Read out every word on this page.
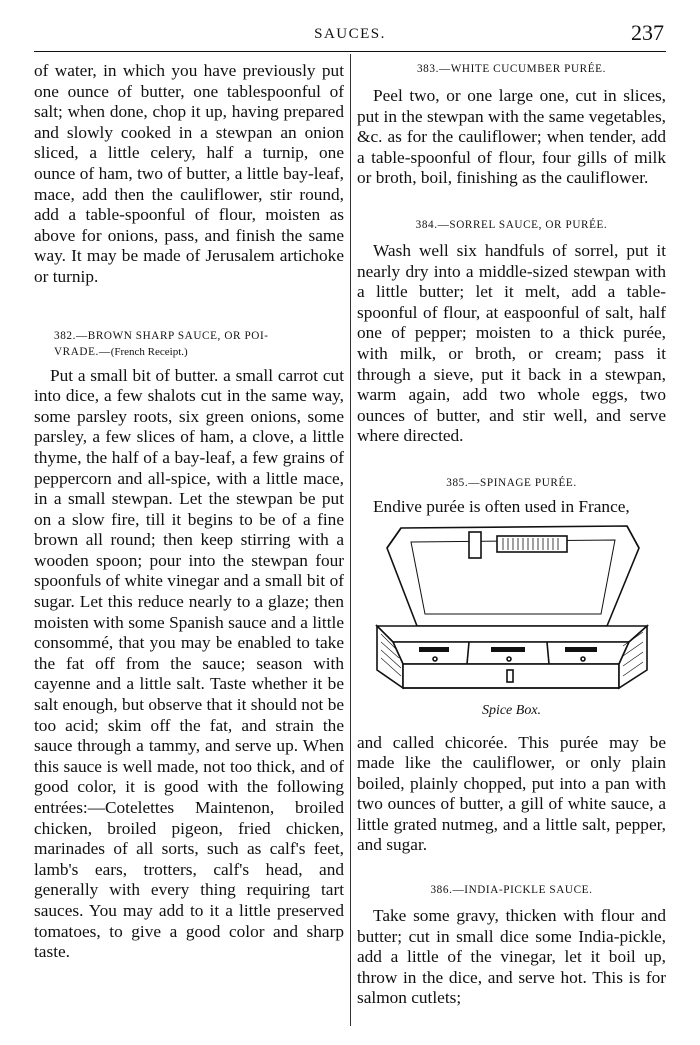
SAUCES.	237

of water, in which you have previously put one ounce of butter, one tablespoonful of salt; when done, chop it up, having prepared and slowly cooked in a stewpan an onion sliced, a little celery, half a turnip, one ounce of ham, two of butter, a little bay-leaf, mace, add then the cauliflower, stir round, add a table-spoonful of flour, moisten as above for onions, pass, and finish the same way. It may be made of Jerusalem artichoke or turnip.

382.—BROWN SHARP SAUCE, OR POI-
VRADE.—(French Receipt.)

Put a small bit of butter. a small carrot cut into dice, a few shalots cut in the same way, some parsley roots, six green onions, some parsley, a few slices of ham, a clove, a little thyme, the half of a bay-leaf, a few grains of peppercorn and all-spice, with a little mace, in a small stewpan. Let the stewpan be put on a slow fire, till it begins to be of a fine brown all round; then keep stirring with a wooden spoon; pour into the stewpan four spoonfuls of white vinegar and a small bit of sugar. Let this reduce nearly to a glaze; then moisten with some Spanish sauce and a little consommé, that you may be enabled to take the fat off from the sauce; season with cayenne and a little salt. Taste whether it be salt enough, but observe that it should not be too acid; skim off the fat, and strain the sauce through a tammy, and serve up. When this sauce is well made, not too thick, and of good color, it is good with the following entrées:—Cotelettes Maintenon, broiled chicken, broiled pigeon, fried chicken, marinades of all sorts, such as calf's feet, lamb's ears, trotters, calf's head, and generally with every thing requiring tart sauces. You may add to it a little preserved tomatoes, to give a good color and sharp taste.

383.—WHITE CUCUMBER PURÉE.

Peel two, or one large one, cut in slices, put in the stewpan with the same vegetables, &c. as for the cauliflower; when tender, add a table-spoonful of flour, four gills of milk or broth, boil, finishing as the cauliflower.

384.—SORREL SAUCE, OR PURÉE.

Wash well six handfuls of sorrel, put it nearly dry into a middle-sized stewpan with a little butter; let it melt, add a table-spoonful of flour, at easpoonful of salt, half one of pepper; moisten to a thick purée, with milk, or broth, or cream; pass it through a sieve, put it back in a stewpan, warm again, add two whole eggs, two ounces of butter, and stir well, and serve where directed.

385.—SPINAGE PURÉE.

Endive purée is often used in France,

Spice Box.

and called chicorée. This purée may be made like the cauliflower, or only plain boiled, plainly chopped, put into a pan with two ounces of butter, a gill of white sauce, a little grated nutmeg, and a little salt, pepper, and sugar.

386.—INDIA-PICKLE SAUCE.

Take some gravy, thicken with flour and butter; cut in small dice some India-pickle, add a little of the vinegar, let it boil up, throw in the dice, and serve hot. This is for salmon cutlets;
